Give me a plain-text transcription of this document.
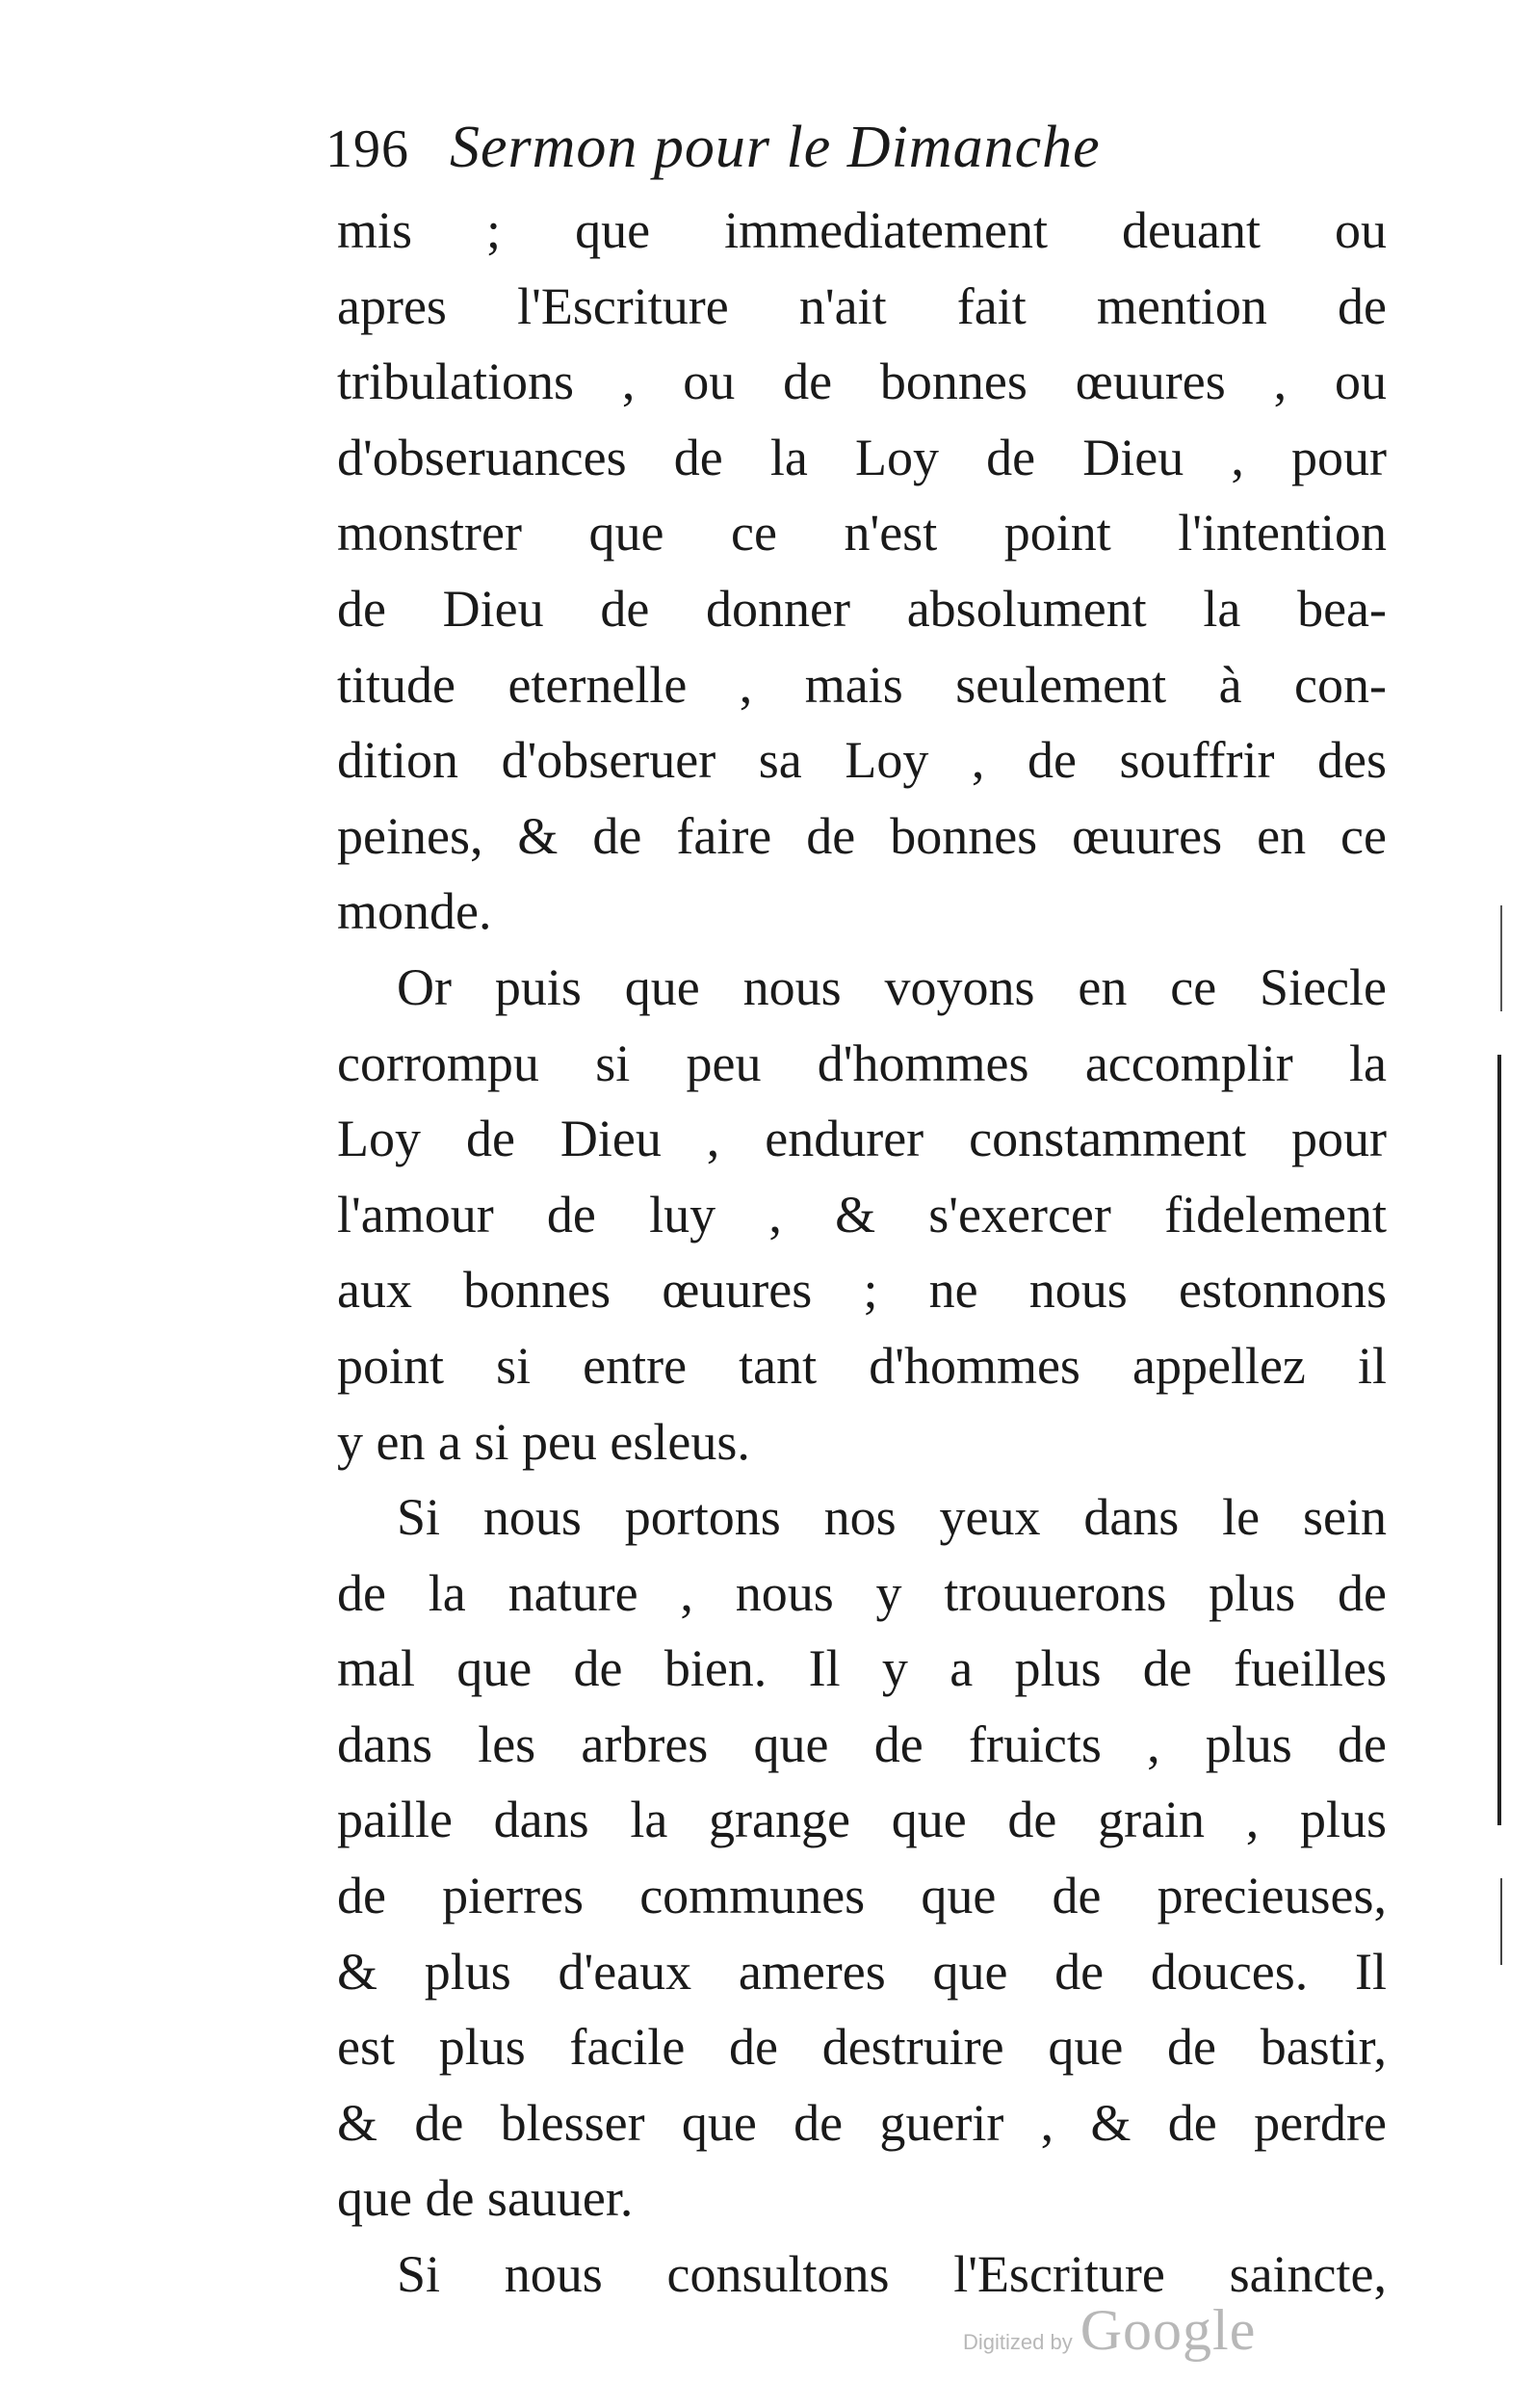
196 Sermon pour le Dimanche
mis ; que immediatement deuant ou
apres l'Escriture n'ait fait mention de
tribulations , ou de bonnes œuures , ou
d'obseruances de la Loy de Dieu , pour
monstrer que ce n'est point l'intention
de Dieu de donner absolument la bea-
titude eternelle , mais seulement à con-
dition d'obseruer sa Loy , de souffrir des
peines, & de faire de bonnes œuures en ce
monde.
Or puis que nous voyons en ce Siecle
corrompu si peu d'hommes accomplir la
Loy de Dieu , endurer constamment pour
l'amour de luy , & s'exercer fidelement
aux bonnes œuures ; ne nous estonnons
point si entre tant d'hommes appellez il
y en a si peu esleus.
Si nous portons nos yeux dans le sein
de la nature , nous y trouuerons plus de
mal que de bien. Il y a plus de fueilles
dans les arbres que de fruicts , plus de
paille dans la grange que de grain , plus
de pierres communes que de precieuses,
& plus d'eaux ameres que de douces. Il
est plus facile de destruire que de bastir,
& de blesser que de guerir , & de perdre
que de sauuer.
Si nous consultons l'Escriture saincte,
Digitized by Google
